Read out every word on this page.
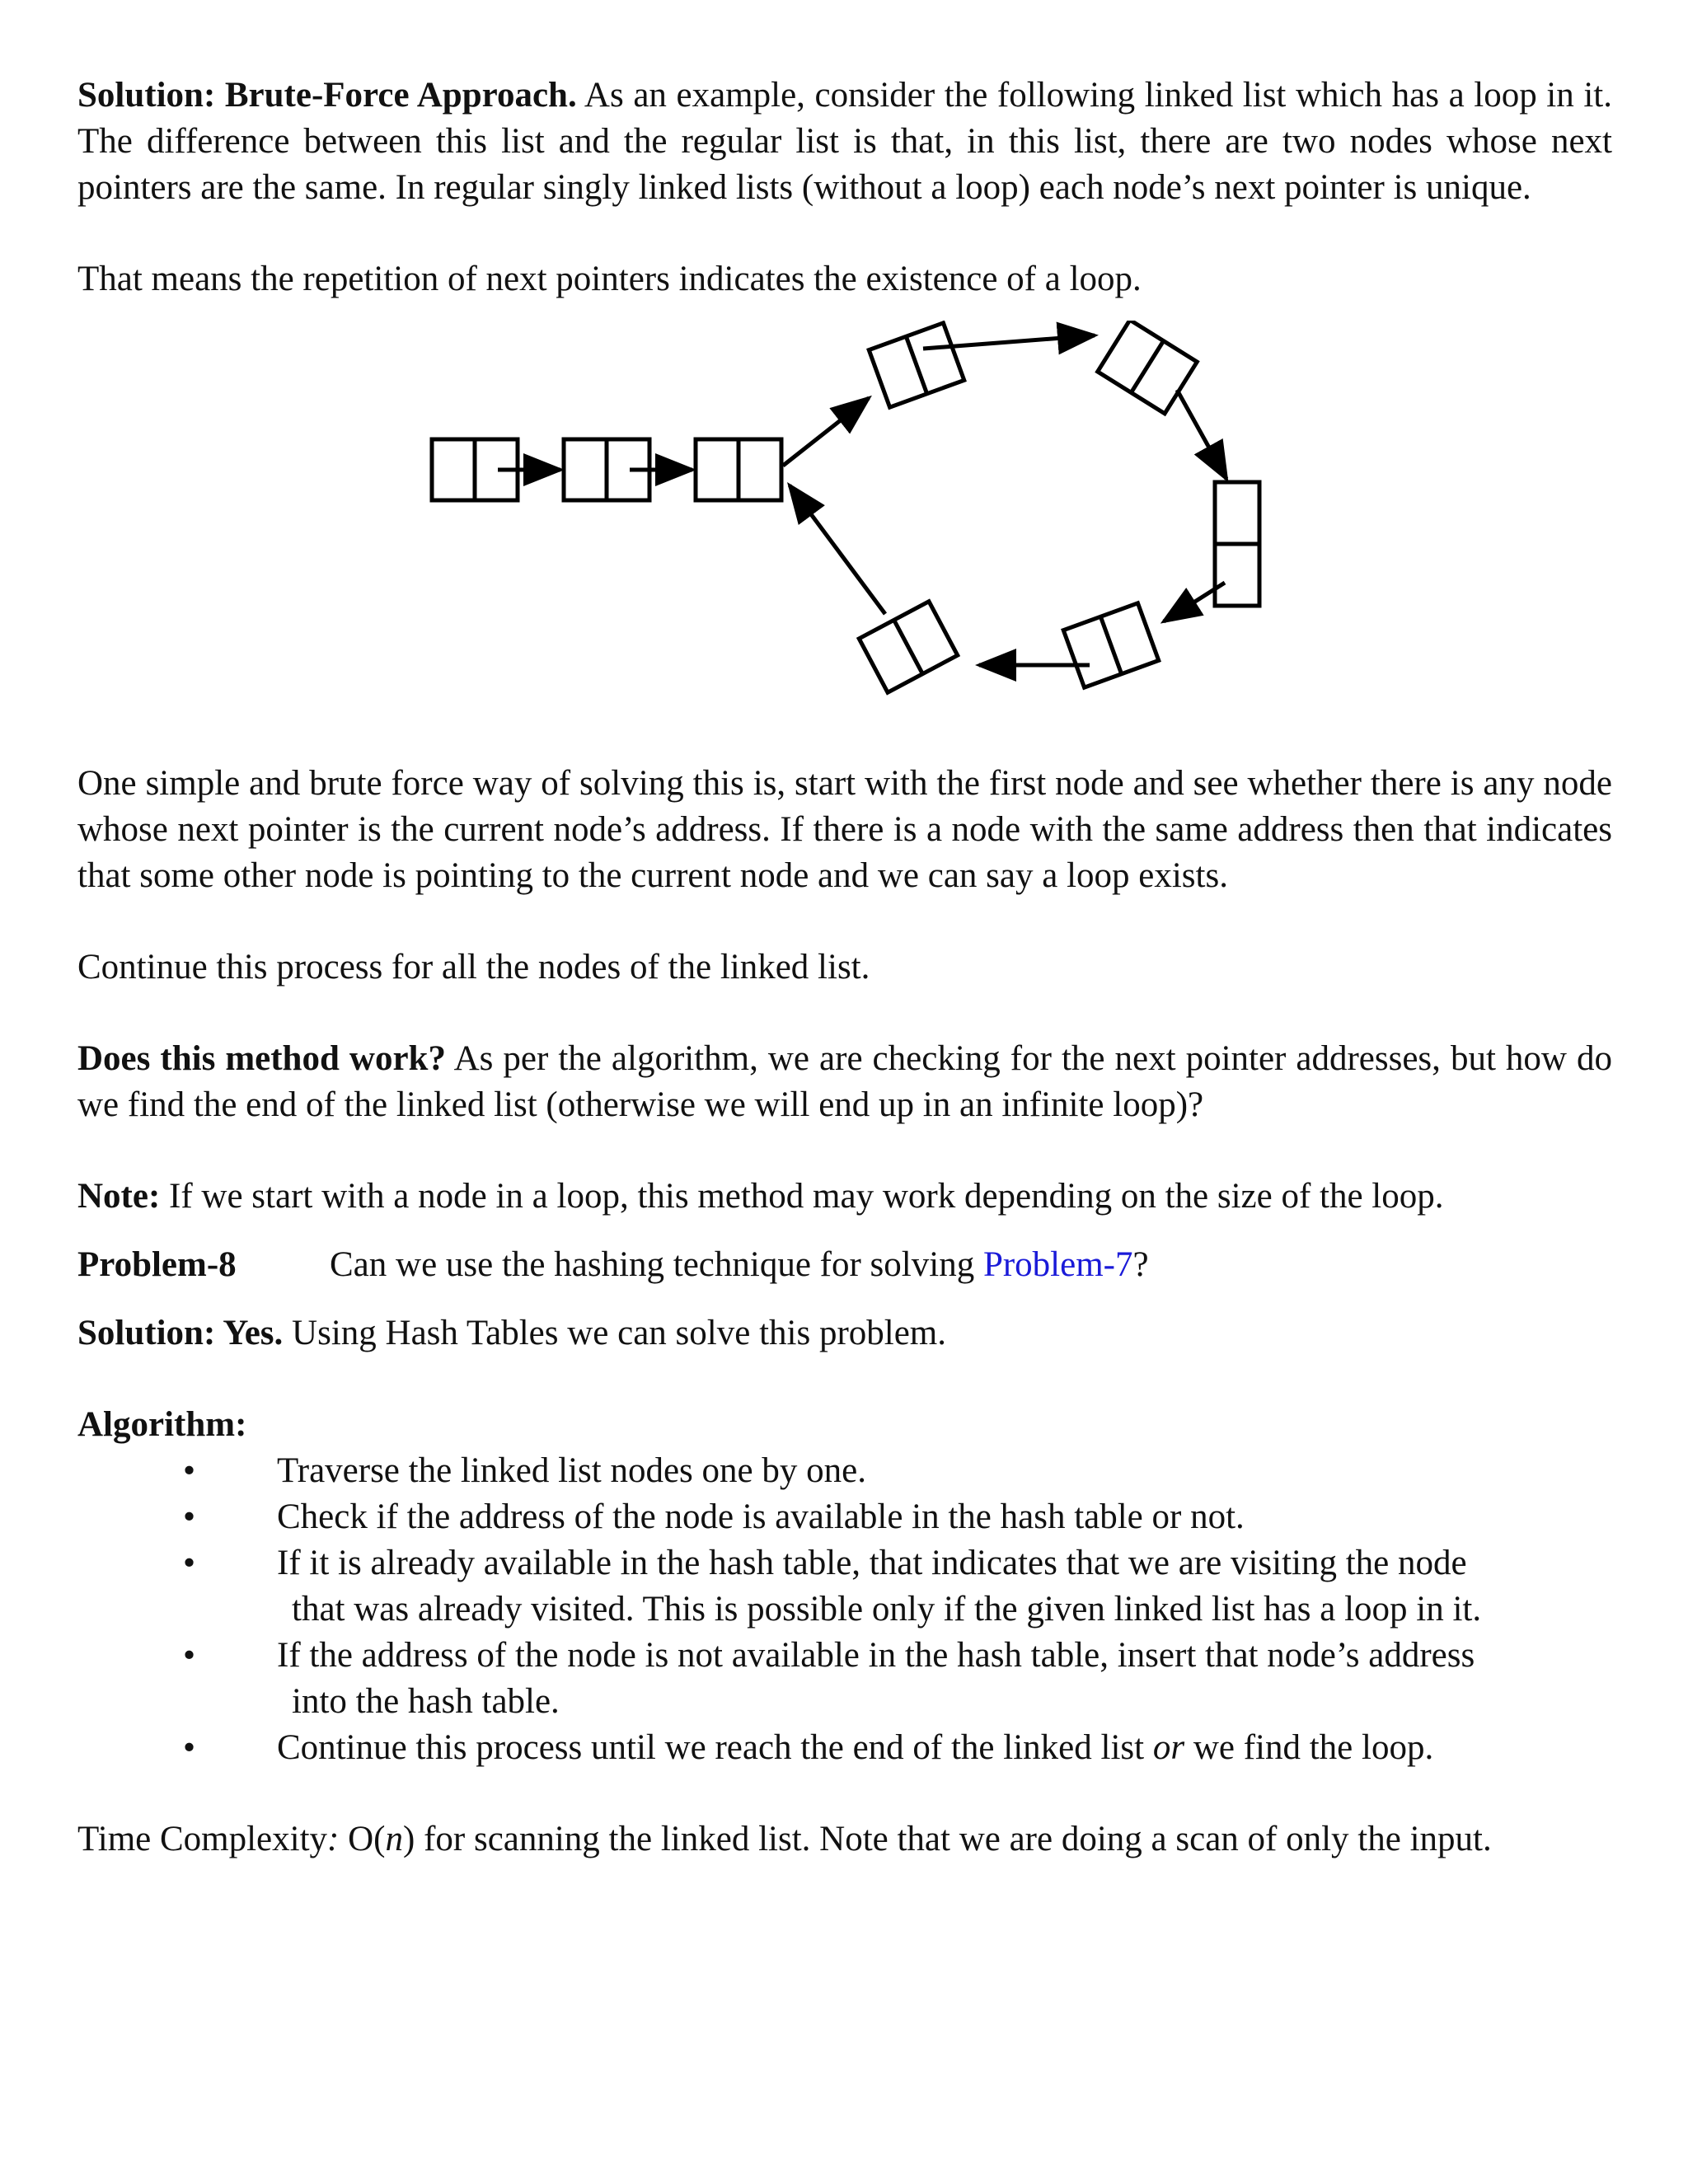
Solution: Brute-Force Approach. As an example, consider the following linked list which has a loop in it. The difference between this list and the regular list is that, in this list, there are two nodes whose next pointers are the same. In regular singly linked lists (without a loop) each node’s next pointer is unique.

That means the repetition of next pointers indicates the existence of a loop.

One simple and brute force way of solving this is, start with the first node and see whether there is any node whose next pointer is the current node’s address. If there is a node with the same address then that indicates that some other node is pointing to the current node and we can say a loop exists.

Continue this process for all the nodes of the linked list.

Does this method work? As per the algorithm, we are checking for the next pointer addresses, but how do we find the end of the linked list (otherwise we will end up in an infinite loop)?

Note: If we start with a node in a loop, this method may work depending on the size of the loop.

Problem-8	Can we use the hashing technique for solving Problem-7?

Solution: Yes. Using Hash Tables we can solve this problem.

Algorithm:

• Traverse the linked list nodes one by one.
• Check if the address of the node is available in the hash table or not.
• If it is already available in the hash table, that indicates that we are visiting the node
that was already visited. This is possible only if the given linked list has a loop in it.
• If the address of the node is not available in the hash table, insert that node’s address
into the hash table.
• Continue this process until we reach the end of the linked list or we find the loop.

Time Complexity: O(n) for scanning the linked list. Note that we are doing a scan of only the input.
